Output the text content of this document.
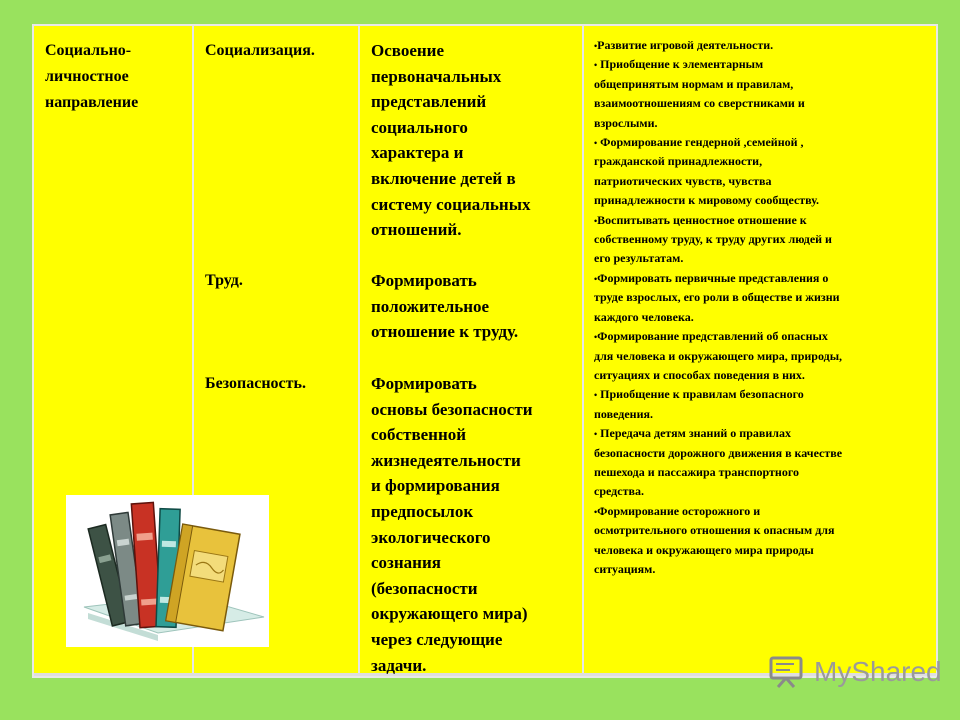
Социально-
личностное
направление
Социализация.
Труд.
Безопасность.
Освоение
первоначальных
представлений
социального
характера и
включение детей в
систему социальных
отношений.
Формировать
положительное
отношение к труду.
Формировать
основы безопасности
собственной
жизнедеятельности
и формирования
предпосылок
экологического
сознания
(безопасности
окружающего мира)
через следующие
задачи.
•Развитие игровой деятельности.
• Приобщение к элементарным
общепринятым нормам и правилам,
взаимоотношениям со сверстниками и
взрослыми.
• Формирование гендерной ,семейной ,
гражданской принадлежности,
патриотических чувств, чувства
принадлежности к мировому сообществу.
•Воспитывать ценностное отношение к
собственному труду, к труду других людей и
его результатам.
•Формировать первичные представления о
труде взрослых, его роли в обществе и жизни
каждого человека.
•Формирование представлений об опасных
для человека и окружающего мира, природы,
ситуациях и способах поведения в них.
• Приобщение к правилам безопасного
поведения.
• Передача детям знаний о правилах
безопасности дорожного движения в качестве
пешехода и пассажира транспортного
средства.
•Формирование осторожного и
осмотрительного отношения к опасным для
человека и окружающего мира природы
ситуациям.
MyShared
